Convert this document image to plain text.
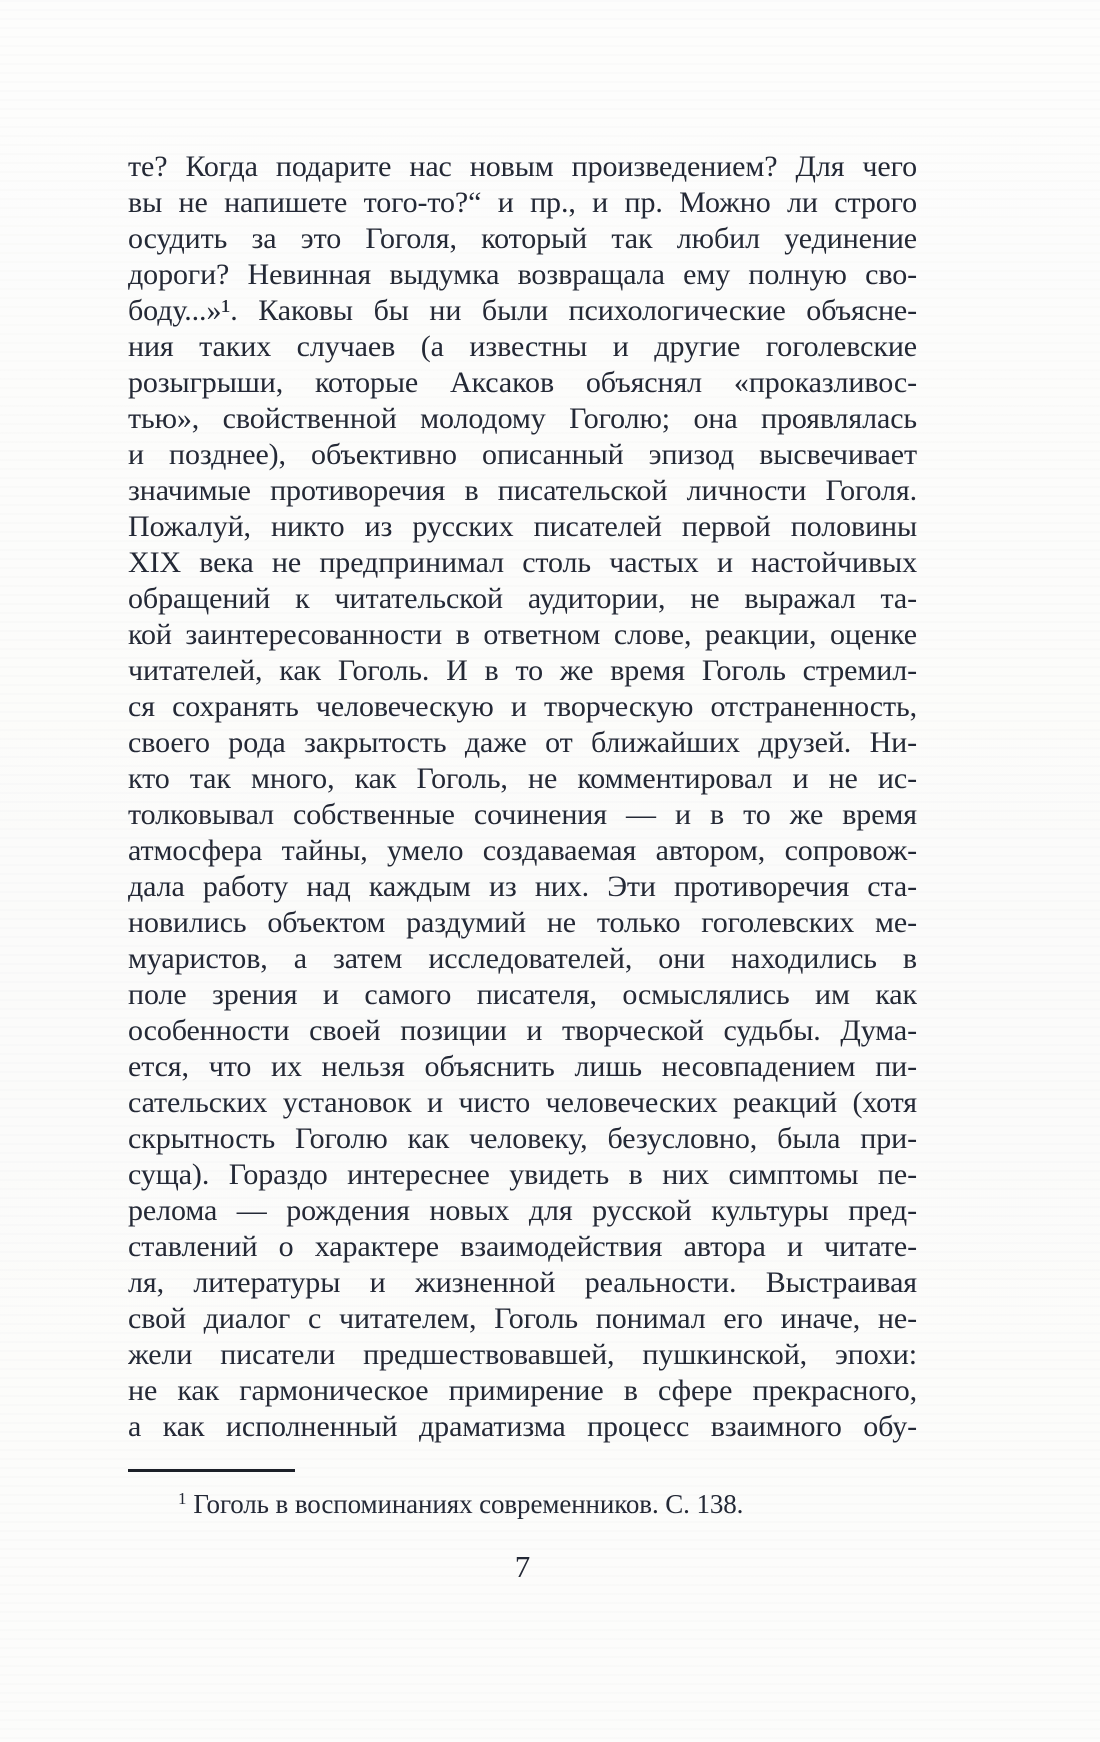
те? Когда подарите нас новым произведением? Для чего
вы не напишете того-то?“ и пр., и пр. Можно ли строго
осудить за это Гоголя, который так любил уединение
дороги? Невинная выдумка возвращала ему полную сво-
боду...»¹. Каковы бы ни были психологические объясне-
ния таких случаев (а известны и другие гоголевские
розыгрыши, которые Аксаков объяснял «проказливос-
тью», свойственной молодому Гоголю; она проявлялась
и позднее), объективно описанный эпизод высвечивает
значимые противоречия в писательской личности Гоголя.
Пожалуй, никто из русских писателей первой половины
XIX века не предпринимал столь частых и настойчивых
обращений к читательской аудитории, не выражал та-
кой заинтересованности в ответном слове, реакции, оценке
читателей, как Гоголь. И в то же время Гоголь стремил-
ся сохранять человеческую и творческую отстраненность,
своего рода закрытость даже от ближайших друзей. Ни-
кто так много, как Гоголь, не комментировал и не ис-
толковывал собственные сочинения — и в то же время
атмосфера тайны, умело создаваемая автором, сопровож-
дала работу над каждым из них. Эти противоречия ста-
новились объектом раздумий не только гоголевских ме-
муаристов, а затем исследователей, они находились в
поле зрения и самого писателя, осмыслялись им как
особенности своей позиции и творческой судьбы. Дума-
ется, что их нельзя объяснить лишь несовпадением пи-
сательских установок и чисто человеческих реакций (хотя
скрытность Гоголю как человеку, безусловно, была при-
суща). Гораздо интереснее увидеть в них симптомы пе-
релома — рождения новых для русской культуры пред-
ставлений о характере взаимодействия автора и читате-
ля, литературы и жизненной реальности. Выстраивая
свой диалог с читателем, Гоголь понимал его иначе, не-
жели писатели предшествовавшей, пушкинской, эпохи:
не как гармоническое примирение в сфере прекрасного,
а как исполненный драматизма процесс взаимного обу-
$^1$ Гоголь в воспоминаниях современников. С. 138.
7
